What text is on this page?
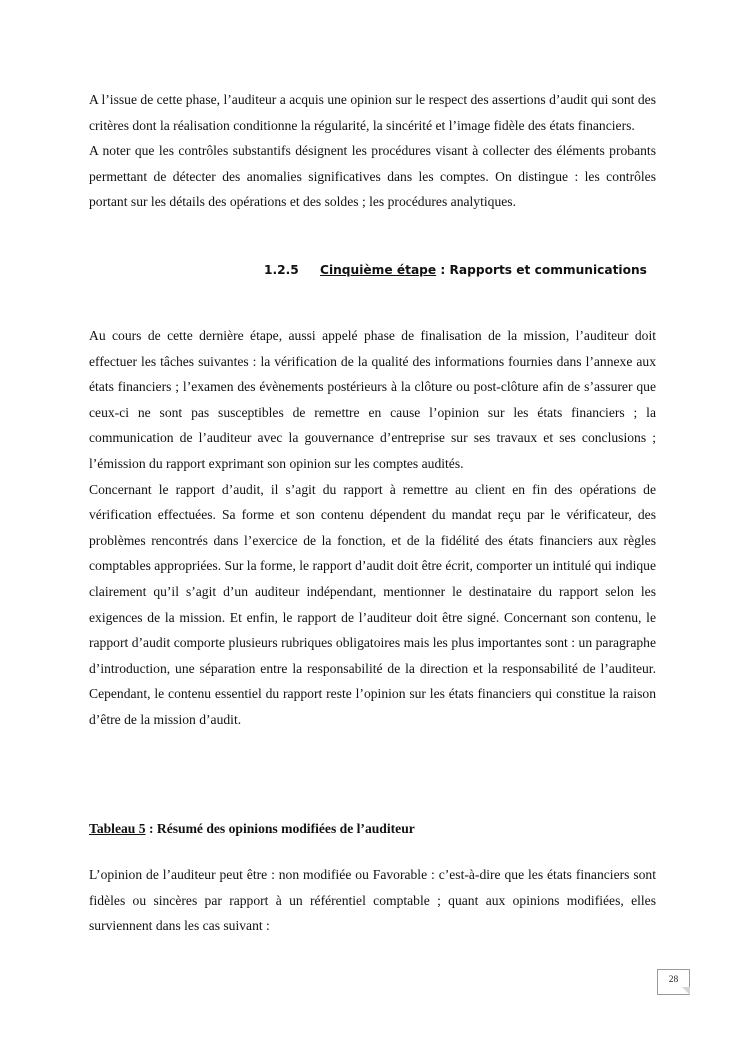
A l’issue de cette phase, l’auditeur a acquis une opinion sur le respect des assertions d’audit qui sont des critères dont la réalisation conditionne la régularité, la sincérité et l’image fidèle des états financiers.

A noter que les contrôles substantifs désignent les procédures visant à collecter des éléments probants permettant de détecter des anomalies significatives dans les comptes. On distingue : les contrôles portant sur les détails des opérations et des soldes ; les procédures analytiques.

1.2.5 Cinquième étape : Rapports et communications

Au cours de cette dernière étape, aussi appelé phase de finalisation de la mission, l’auditeur doit effectuer les tâches suivantes : la vérification de la qualité des informations fournies dans l’annexe aux états financiers ; l’examen des évènements postérieurs à la clôture ou post-clôture afin de s’assurer que ceux-ci ne sont pas susceptibles de remettre en cause l’opinion sur les états financiers ; la communication de l’auditeur avec la gouvernance d’entreprise sur ses travaux et ses conclusions ; l’émission du rapport exprimant son opinion sur les comptes audités.

Concernant le rapport d’audit, il s’agit du rapport à remettre au client en fin des opérations de vérification effectuées. Sa forme et son contenu dépendent du mandat reçu par le vérificateur, des problèmes rencontrés dans l’exercice de la fonction, et de la fidélité des états financiers aux règles comptables appropriées. Sur la forme, le rapport d’audit doit être écrit, comporter un intitulé qui indique clairement qu’il s’agit d’un auditeur indépendant, mentionner le destinataire du rapport selon les exigences de la mission. Et enfin, le rapport de l’auditeur doit être signé. Concernant son contenu, le rapport d’audit comporte plusieurs rubriques obligatoires mais les plus importantes sont : un paragraphe d’introduction, une séparation entre la responsabilité de la direction et la responsabilité de l’auditeur. Cependant, le contenu essentiel du rapport reste l’opinion sur les états financiers qui constitue la raison d’être de la mission d’audit.

Tableau 5 : Résumé des opinions modifiées de l’auditeur

L’opinion de l’auditeur peut être : non modifiée ou Favorable : c’est-à-dire que les états financiers sont fidèles ou sincères par rapport à un référentiel comptable ; quant aux opinions modifiées, elles surviennent dans les cas suivant :

28
